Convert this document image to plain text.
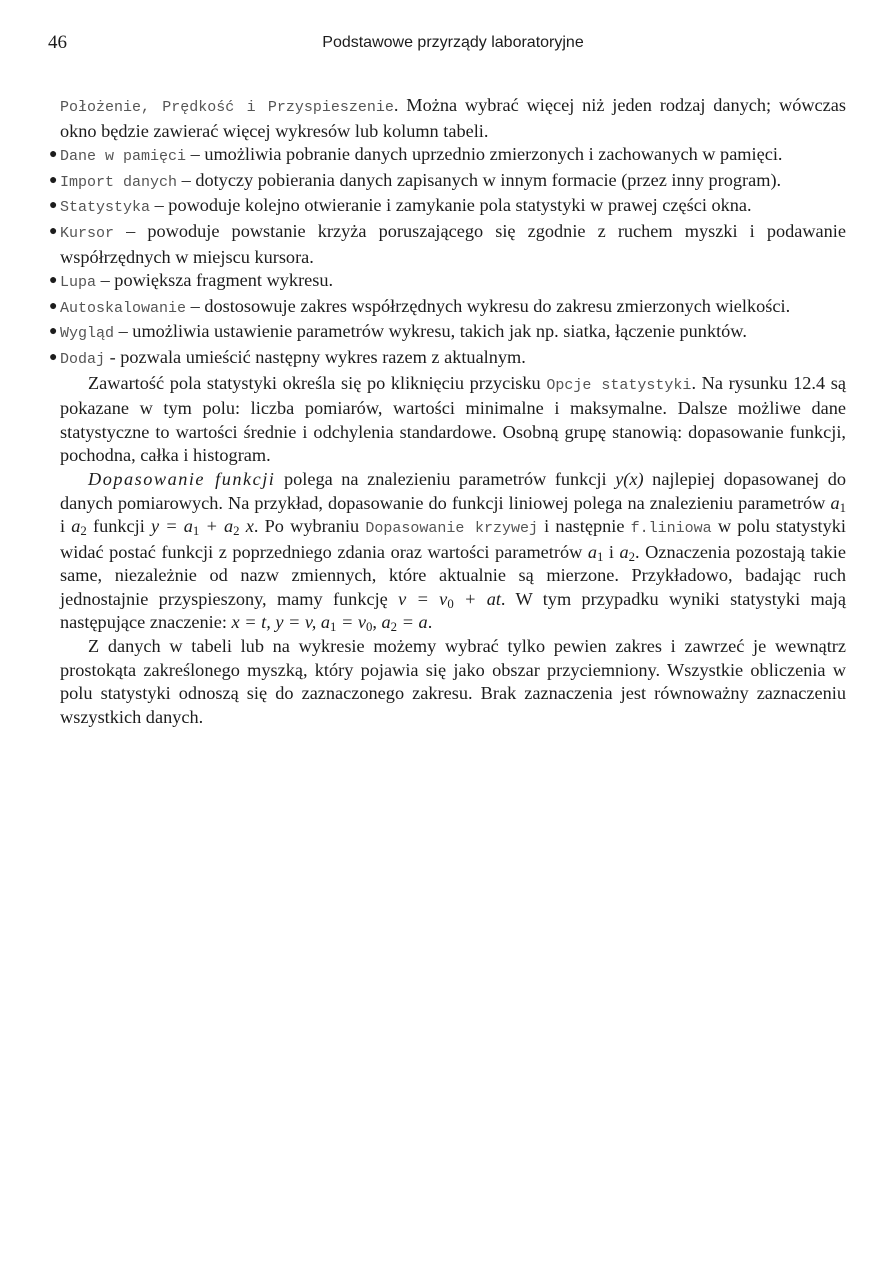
46	Podstawowe przyrządy laboratoryjne

Położenie, Prędkość i Przyspieszenie. Można wybrać więcej niż jeden rodzaj danych; wówczas okno będzie zawierać więcej wykresów lub kolumn tabeli.

● Dane w pamięci – umożliwia pobranie danych uprzednio zmierzonych i zachowanych w pamięci.
● Import danych – dotyczy pobierania danych zapisanych w innym formacie (przez inny program).
● Statystyka – powoduje kolejno otwieranie i zamykanie pola statystyki w prawej części okna.
● Kursor – powoduje powstanie krzyża poruszającego się zgodnie z ruchem myszki i podawanie współrzędnych w miejscu kursora.
● Lupa – powiększa fragment wykresu.
● Autoskalowanie – dostosowuje zakres współrzędnych wykresu do zakresu zmierzonych wielkości.
● Wygląd – umożliwia ustawienie parametrów wykresu, takich jak np. siatka, łączenie punktów.
● Dodaj - pozwala umieścić następny wykres razem z aktualnym.

Zawartość pola statystyki określa się po kliknięciu przycisku Opcje statystyki. Na rysunku 12.4 są pokazane w tym polu: liczba pomiarów, wartości minimalne i maksymalne. Dalsze możliwe dane statystyczne to wartości średnie i odchylenia standardowe. Osobną grupę stanowią: dopasowanie funkcji, pochodna, całka i histogram.

Dopasowanie funkcji polega na znalezieniu parametrów funkcji y(x) najlepiej dopasowanej do danych pomiarowych. Na przykład, dopasowanie do funkcji liniowej polega na znalezieniu parametrów $a_1$ i $a_2$ funkcji $y = a_1 + a_2$ x. Po wybraniu Dopasowanie krzywej i następnie f.liniowa w polu statystyki widać postać funkcji z poprzedniego zdania oraz wartości parametrów $a_1$ i $a_2$. Oznaczenia pozostają takie same, niezależnie od nazw zmiennych, które aktualnie są mierzone. Przykładowo, badając ruch jednostajnie przyspieszony, mamy funkcję $v = v_0$ + at. W tym przypadku wyniki statystyki mają następujące znaczenie: x = t, y = v, $a_1 = v_0$, $a_2 = a$.

Z danych w tabeli lub na wykresie możemy wybrać tylko pewien zakres i zawrzeć je wewnątrz prostokąta zakreślonego myszką, który pojawia się jako obszar przyciemniony. Wszystkie obliczenia w polu statystyki odnoszą się do zaznaczonego zakresu. Brak zaznaczenia jest równoważny zaznaczeniu wszystkich danych.
